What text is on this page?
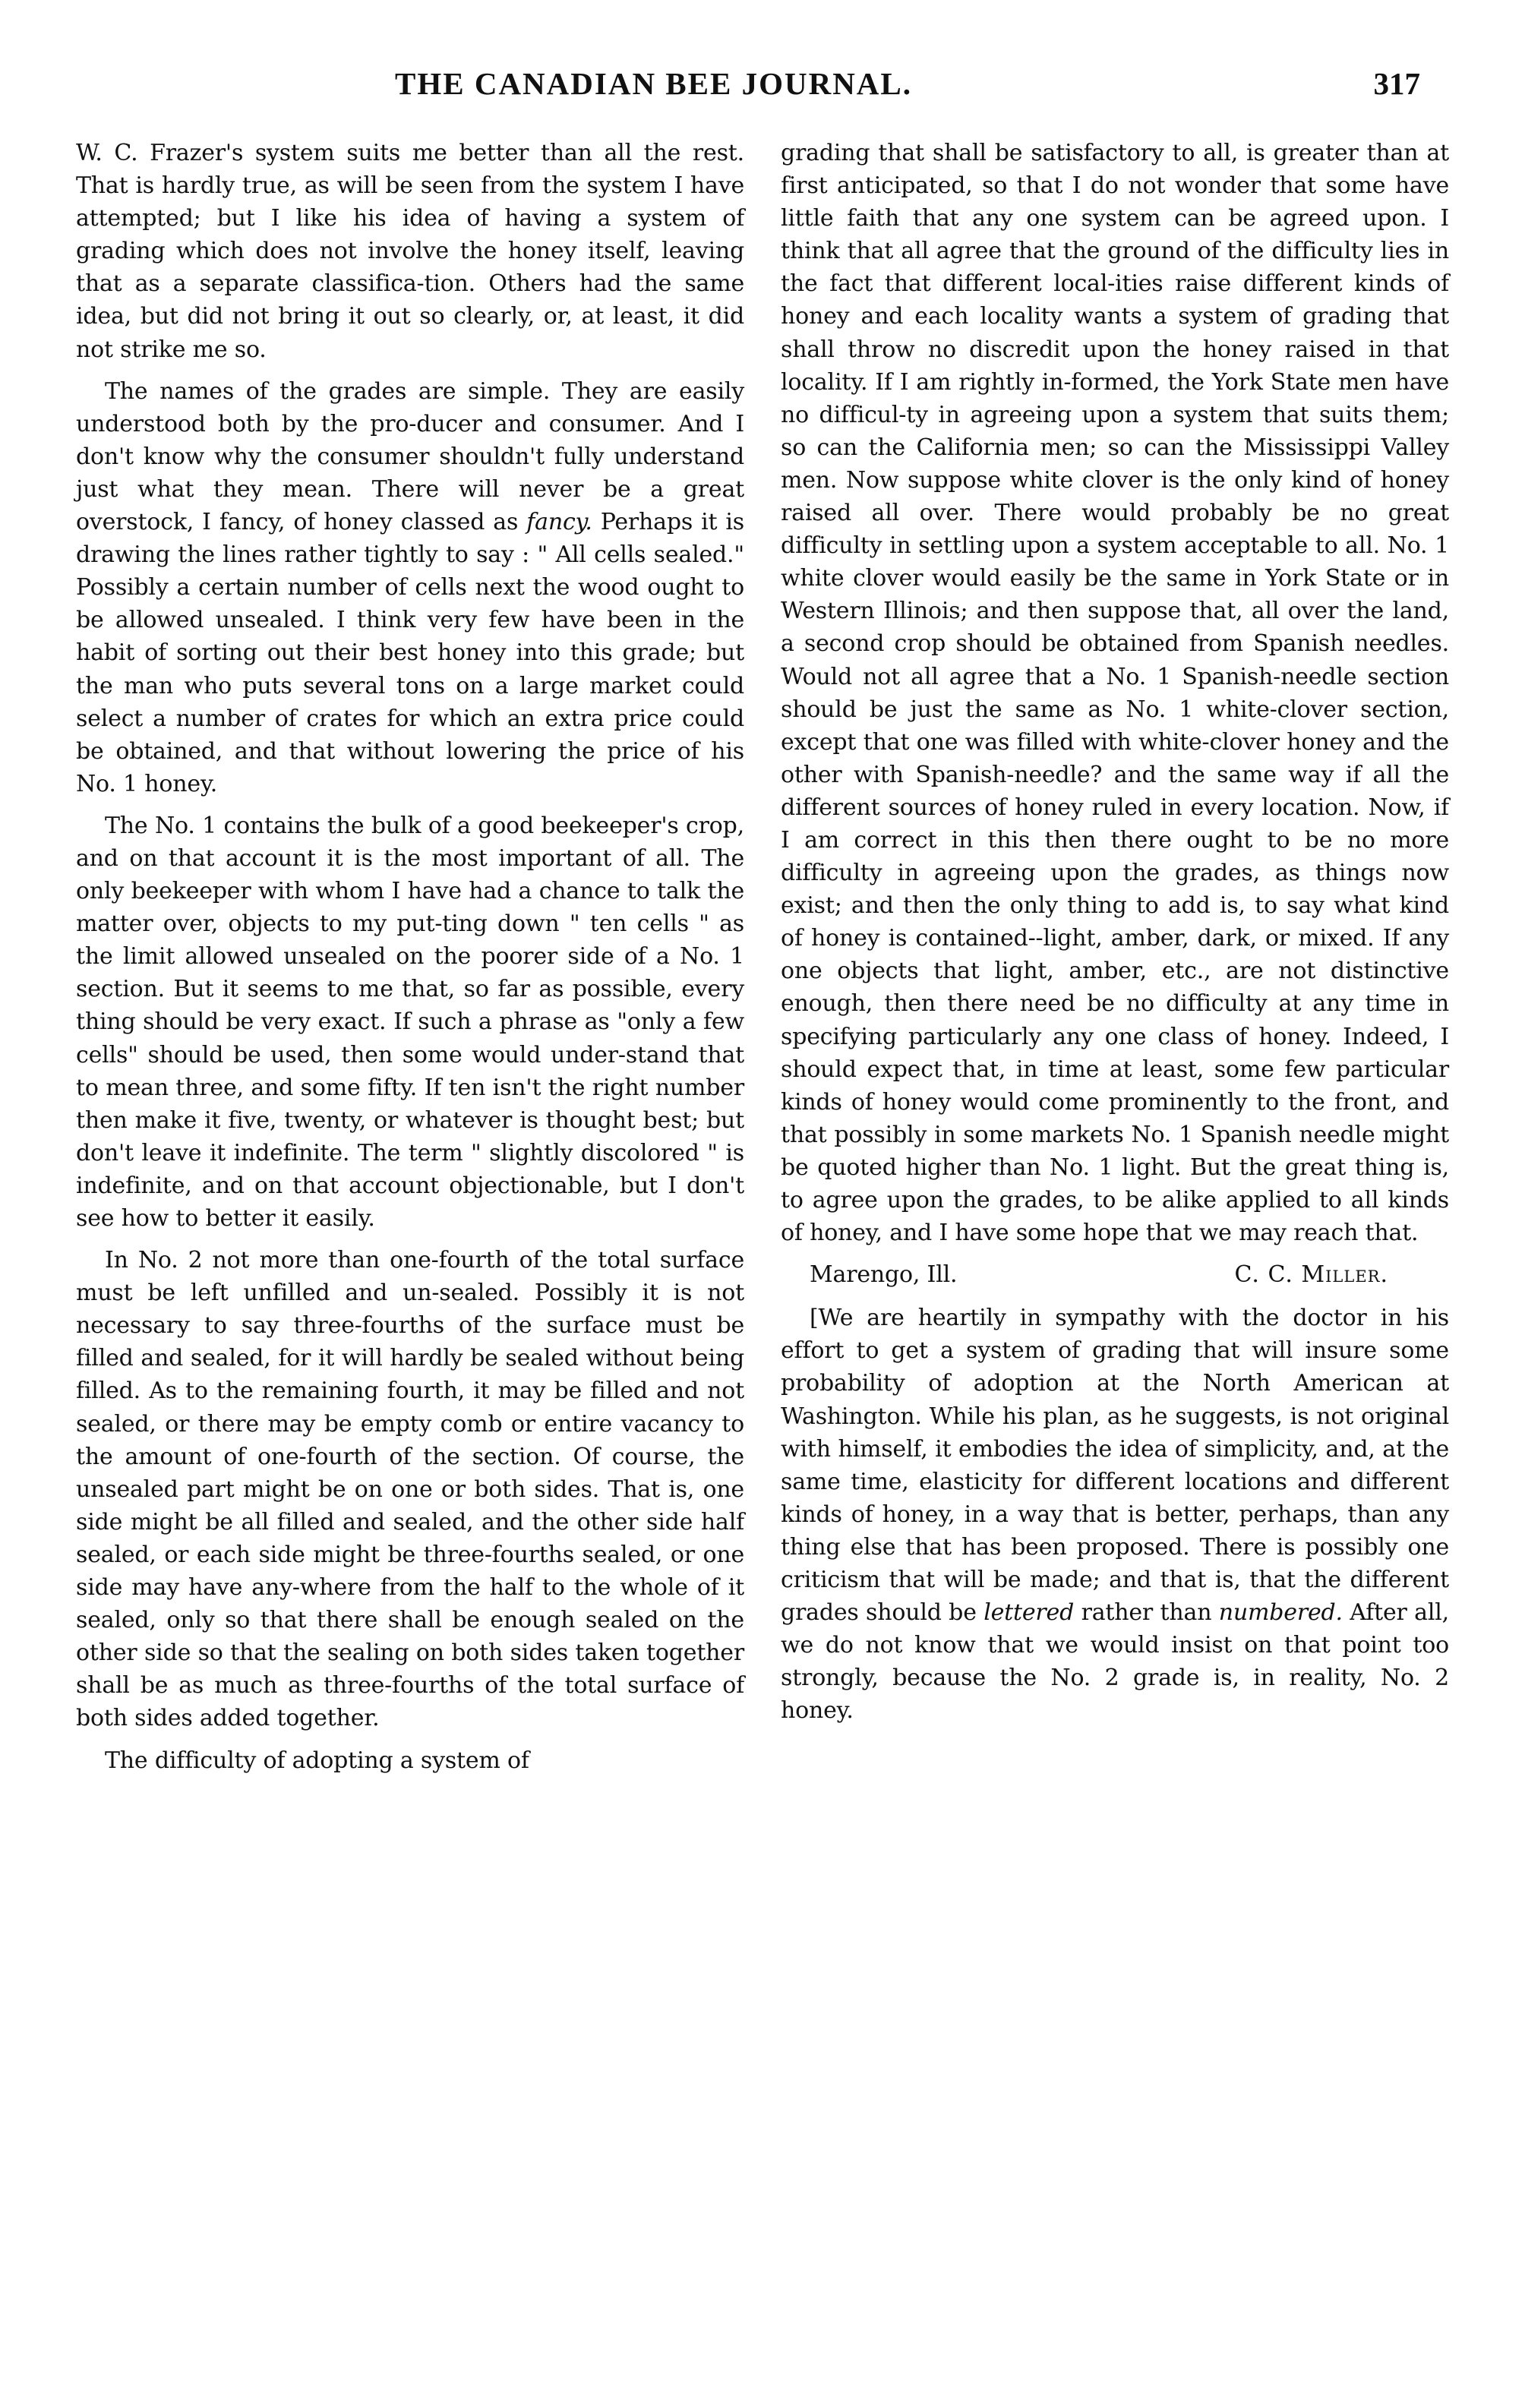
THE CANADIAN BEE JOURNAL.	317

W. C. Frazer's system suits me better than all the rest. That is hardly true, as will be seen from the system I have attempted; but I like his idea of having a system of grading which does not involve the honey itself, leaving that as a separate classifica-tion. Others had the same idea, but did not bring it out so clearly, or, at least, it did not strike me so.

The names of the grades are simple. They are easily understood both by the pro-ducer and consumer. And I don't know why the consumer shouldn't fully understand just what they mean. There will never be a great overstock, I fancy, of honey classed as fancy. Perhaps it is drawing the lines rather tightly to say : " All cells sealed." Possibly a certain number of cells next the wood ought to be allowed unsealed. I think very few have been in the habit of sorting out their best honey into this grade; but the man who puts several tons on a large market could select a number of crates for which an extra price could be obtained, and that without lowering the price of his No. 1 honey.

The No. 1 contains the bulk of a good beekeeper's crop, and on that account it is the most important of all. The only beekeeper with whom I have had a chance to talk the matter over, objects to my put-ting down " ten cells " as the limit allowed unsealed on the poorer side of a No. 1 section. But it seems to me that, so far as possible, every thing should be very exact. If such a phrase as "only a few cells" should be used, then some would under-stand that to mean three, and some fifty. If ten isn't the right number then make it five, twenty, or whatever is thought best; but don't leave it indefinite. The term " slightly discolored " is indefinite, and on that account objectionable, but I don't see how to better it easily.

In No. 2 not more than one-fourth of the total surface must be left unfilled and un-sealed. Possibly it is not necessary to say three-fourths of the surface must be filled and sealed, for it will hardly be sealed without being filled. As to the remaining fourth, it may be filled and not sealed, or there may be empty comb or entire vacancy to the amount of one-fourth of the section. Of course, the unsealed part might be on one or both sides. That is, one side might be all filled and sealed, and the other side half sealed, or each side might be three-fourths sealed, or one side may have any-where from the half to the whole of it sealed, only so that there shall be enough sealed on the other side so that the sealing on both sides taken together shall be as much as three-fourths of the total surface of both sides added together.

The difficulty of adopting a system of

grading that shall be satisfactory to all, is greater than at first anticipated, so that I do not wonder that some have little faith that any one system can be agreed upon. I think that all agree that the ground of the difficulty lies in the fact that different local-ities raise different kinds of honey and each locality wants a system of grading that shall throw no discredit upon the honey raised in that locality. If I am rightly in-formed, the York State men have no difficul-ty in agreeing upon a system that suits them; so can the California men; so can the Mississippi Valley men. Now suppose white clover is the only kind of honey raised all over. There would probably be no great difficulty in settling upon a system acceptable to all. No. 1 white clover would easily be the same in York State or in Western Illinois; and then suppose that, all over the land, a second crop should be obtained from Spanish needles. Would not all agree that a No. 1 Spanish-needle section should be just the same as No. 1 white-clover section, except that one was filled with white-clover honey and the other with Spanish-needle? and the same way if all the different sources of honey ruled in every location. Now, if I am correct in this then there ought to be no more difficulty in agreeing upon the grades, as things now exist; and then the only thing to add is, to say what kind of honey is contained--light, amber, dark, or mixed. If any one objects that light, amber, etc., are not distinctive enough, then there need be no difficulty at any time in specifying particularly any one class of honey. Indeed, I should expect that, in time at least, some few particular kinds of honey would come prominently to the front, and that possibly in some markets No. 1 Spanish needle might be quoted higher than No. 1 light. But the great thing is, to agree upon the grades, to be alike applied to all kinds of honey, and I have some hope that we may reach that.

Marengo, Ill.	C. C. Miller.

[We are heartily in sympathy with the doctor in his effort to get a system of grading that will insure some probability of adoption at the North American at Washington. While his plan, as he suggests, is not original with himself, it embodies the idea of simplicity, and, at the same time, elasticity for different locations and different kinds of honey, in a way that is better, perhaps, than any thing else that has been proposed. There is possibly one criticism that will be made; and that is, that the different grades should be lettered rather than numbered. After all, we do not know that we would insist on that point too strongly, because the No. 2 grade is, in reality, No. 2 honey.
